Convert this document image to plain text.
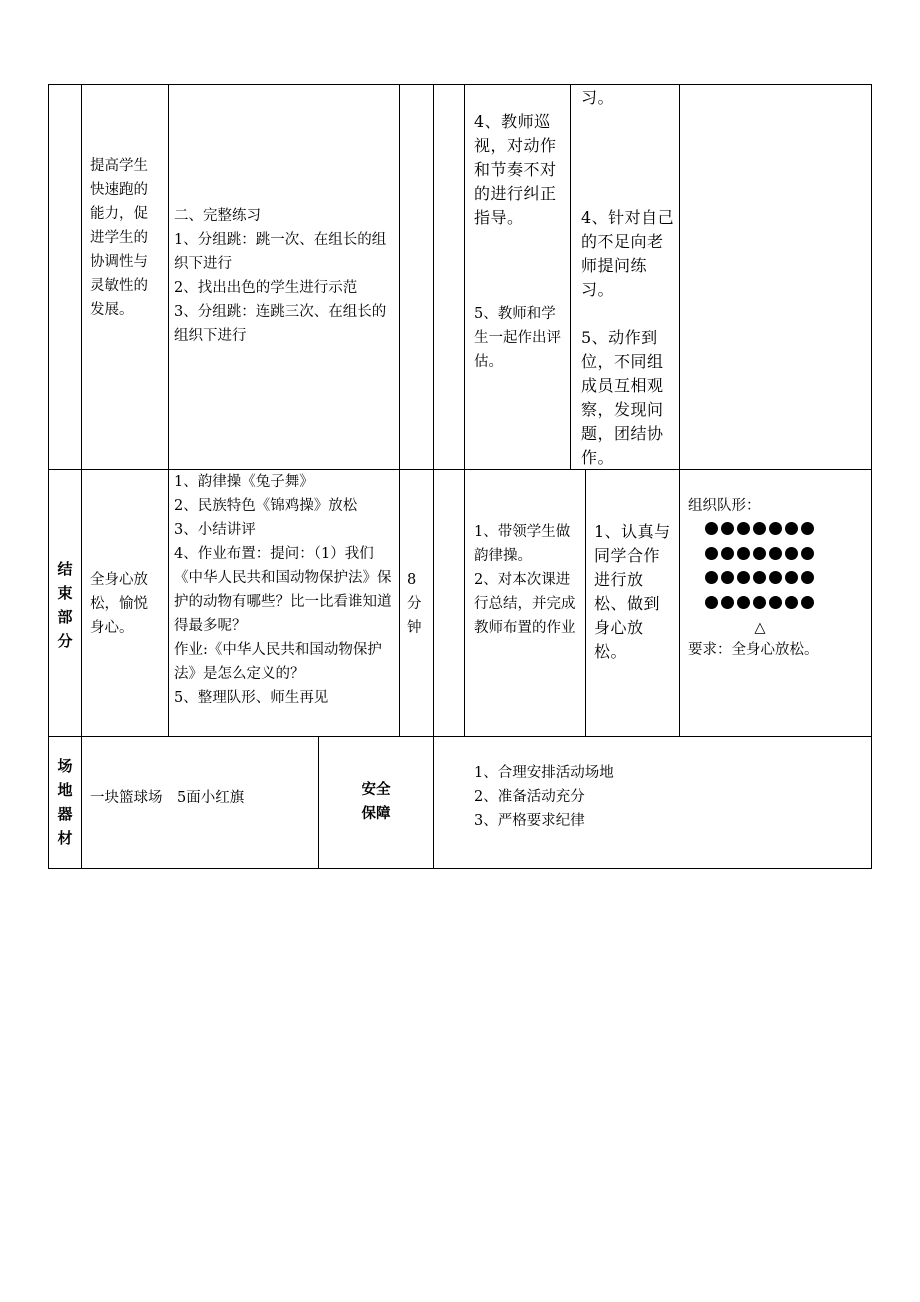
提高学生快速跑的能力，促进学生的协调性与灵敏性的发展。
二、完整练习
1、分组跳：跳一次、在组长的组织下进行
2、找出出色的学生进行示范
3、分组跳：连跳三次、在组长的组织下进行
4、教师巡视，对动作和节奏不对的进行纠正指导。
5、教师和学生一起作出评估。
习。
4、针对自己的不足向老师提问练习。
5、动作到位，不同组成员互相观察，发现问题，团结协作。
结束部分
全身心放松，愉悦身心。
1、韵律操《兔子舞》
2、民族特色《锦鸡操》放松
3、小结讲评
4、作业布置：提问：（1）我们《中华人民共和国动物保护法》保护的动物有哪些？比一比看谁知道得最多呢？
作业:《中华人民共和国动物保护法》是怎么定义的？
5、整理队形、师生再见
8分钟
1、带领学生做韵律操。
2、对本次课进行总结，并完成教师布置的作业
1、认真与同学合作进行放松、做到身心放松。
组织队形：
△
要求：全身心放松。
场地器材
一块篮球场　5面小红旗	安全保障
1、合理安排活动场地
2、准备活动充分
3、严格要求纪律
